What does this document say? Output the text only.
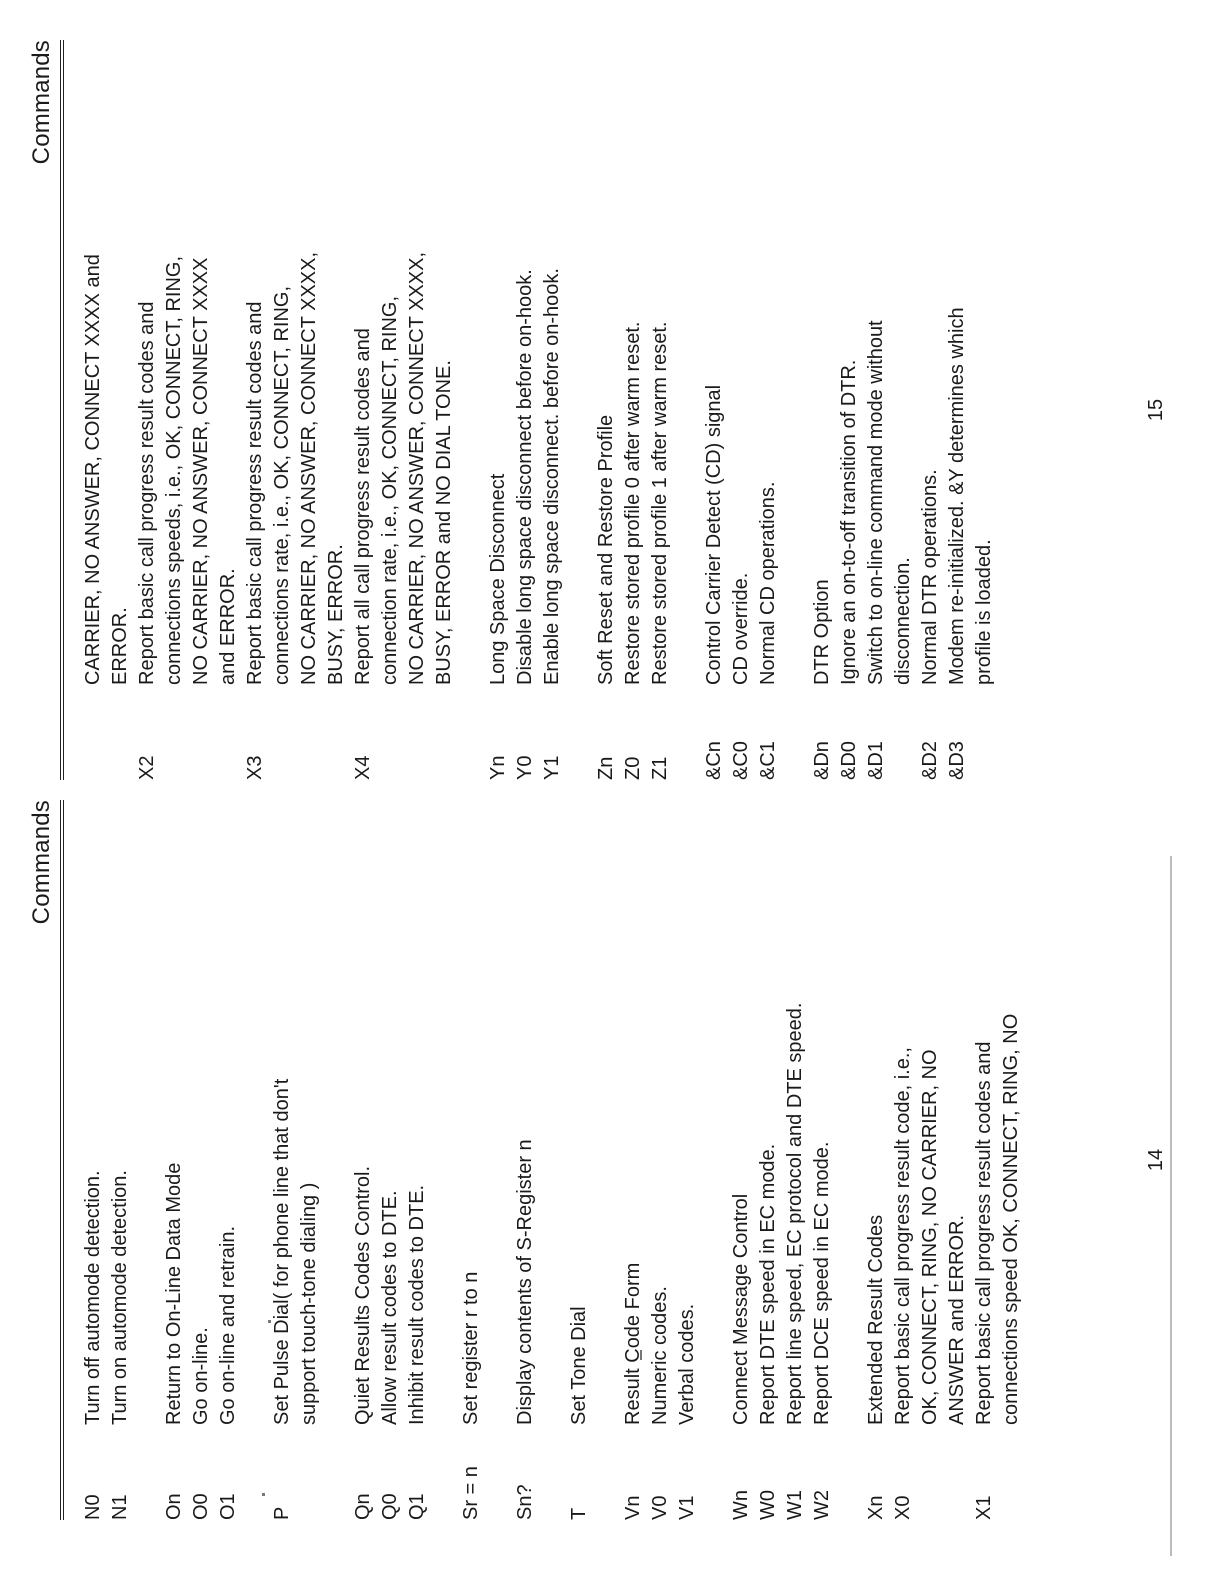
Commands
N0
Turn off automode detection.
N1
Turn on automode detection.
On
Return to On-Line Data Mode
O0
Go on-line.
O1
Go on-line and retrain.
P
Set Pulse Dial( for phone line that don't support touch-tone dialing )
Qn
Quiet Results Codes Control.
Q0
Allow result codes to DTE.
Q1
Inhibit result codes to DTE.
Sr = n
Set register r to n
Sn?
Display contents of S-Register n
T
Set Tone Dial
Vn
Result Code Form
V0
Numeric codes.
V1
Verbal codes.
Wn
Connect Message Control
W0
Report DTE speed in EC mode.
W1
Report line speed, EC protocol and DTE speed.
W2
Report DCE speed in EC mode.
Xn
Extended Result Codes
X0
Report basic call progress result code, i.e., OK, CONNECT, RING, NO CARRIER, NO ANSWER and ERROR.
X1
Report basic call progress result codes and connections speed OK, CONNECT, RING, NO	14
Commands
CARRIER, NO ANSWER, CONNECT XXXX and ERROR.
X2
Report basic call progress result codes and connections speeds, i.e., OK, CONNECT, RING, NO CARRIER, NO ANSWER, CONNECT XXXX and ERROR.
X3
Report basic call progress result codes and connections rate, i.e., OK, CONNECT, RING, NO CARRIER, NO ANSWER, CONNECT XXXX, BUSY, ERROR.
X4
Report all call progress result codes and connection rate, i.e., OK, CONNECT, RING, NO CARRIER, NO ANSWER, CONNECT XXXX, BUSY, ERROR and NO DIAL TONE.
Yn
Long Space Disconnect
Y0
Disable long space disconnect before on-hook.
Y1
Enable long space disconnect. before on-hook.
Zn
Soft Reset and Restore Profile
Z0
Restore stored profile 0 after warm reset.
Z1
Restore stored profile 1 after warm reset.
&Cn
Control Carrier Detect (CD) signal
&C0
CD override.
&C1
Normal CD operations.
&Dn
DTR Option
&D0
Ignore an on-to-off transition of DTR.
&D1
Switch to on-line command mode without disconnection.
&D2
Normal DTR operations.
&D3
Modem re-initialized. &Y determines which profile is loaded.
15
